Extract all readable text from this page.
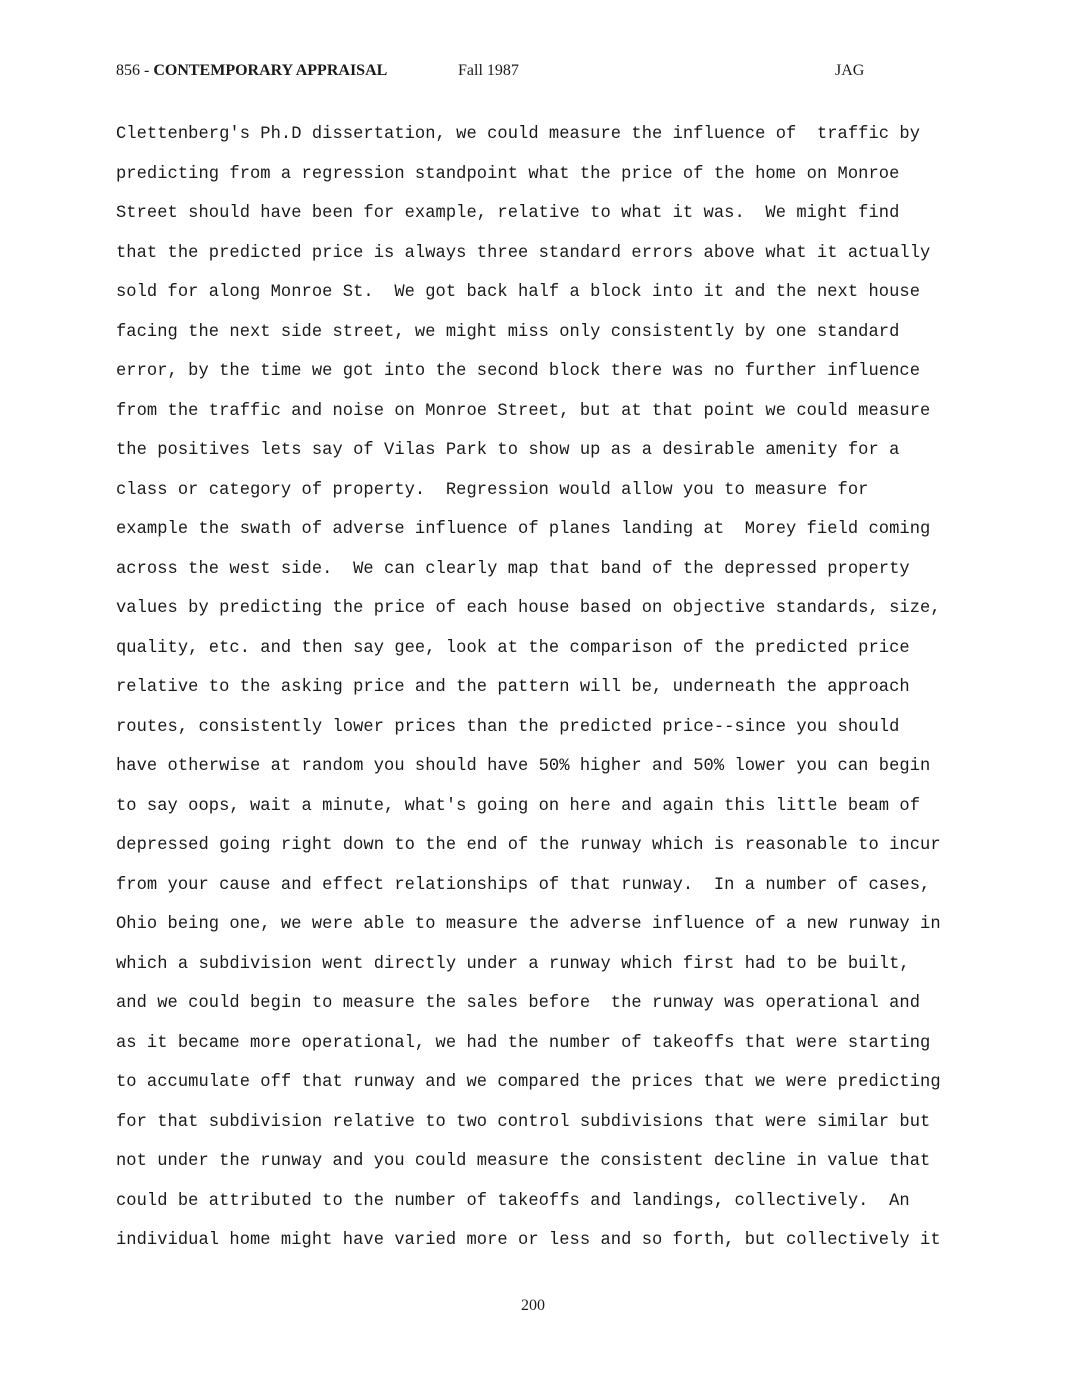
856 - CONTEMPORARY APPRAISAL	Fall 1987	JAG
Clettenberg's Ph.D dissertation, we could measure the influence of  traffic by
predicting from a regression standpoint what the price of the home on Monroe
Street should have been for example, relative to what it was.  We might find
that the predicted price is always three standard errors above what it actually
sold for along Monroe St.  We got back half a block into it and the next house
facing the next side street, we might miss only consistently by one standard
error, by the time we got into the second block there was no further influence
from the traffic and noise on Monroe Street, but at that point we could measure
the positives lets say of Vilas Park to show up as a desirable amenity for a
class or category of property.  Regression would allow you to measure for
example the swath of adverse influence of planes landing at  Morey field coming
across the west side.  We can clearly map that band of the depressed property
values by predicting the price of each house based on objective standards, size,
quality, etc. and then say gee, look at the comparison of the predicted price
relative to the asking price and the pattern will be, underneath the approach
routes, consistently lower prices than the predicted price--since you should
have otherwise at random you should have 50% higher and 50% lower you can begin
to say oops, wait a minute, what's going on here and again this little beam of
depressed going right down to the end of the runway which is reasonable to incur
from your cause and effect relationships of that runway.  In a number of cases,
Ohio being one, we were able to measure the adverse influence of a new runway in
which a subdivision went directly under a runway which first had to be built,
and we could begin to measure the sales before  the runway was operational and
as it became more operational, we had the number of takeoffs that were starting
to accumulate off that runway and we compared the prices that we were predicting
for that subdivision relative to two control subdivisions that were similar but
not under the runway and you could measure the consistent decline in value that
could be attributed to the number of takeoffs and landings, collectively.  An
individual home might have varied more or less and so forth, but collectively it
200
